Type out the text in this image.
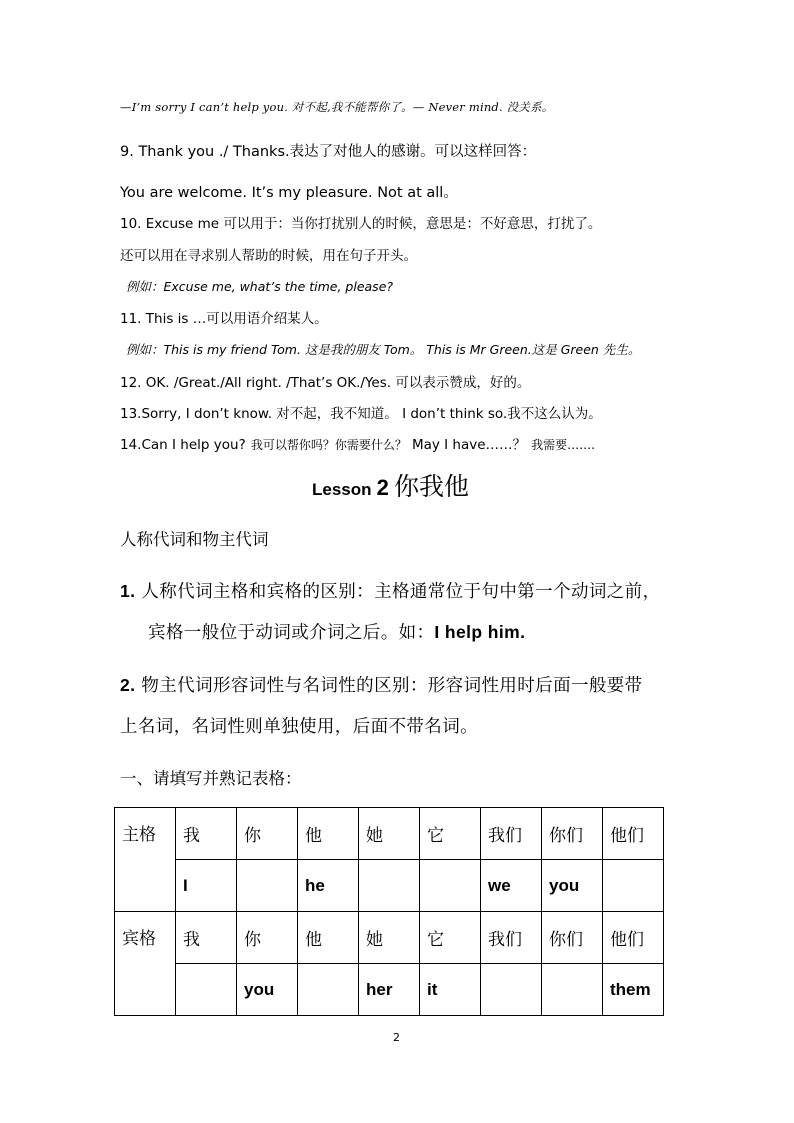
—I’m sorry I can’t help you. 对不起,我不能帮你了。— Never mind. 没关系。
9. Thank you ./ Thanks.表达了对他人的感谢。可以这样回答：
You are welcome. It’s my pleasure. Not at all。
10. Excuse me 可以用于：当你打扰别人的时候，意思是：不好意思，打扰了。
还可以用在寻求别人帮助的时候，用在句子开头。
例如：Excuse me, what’s the time, please?
11. This is …可以用语介绍某人。
例如：This is my friend Tom. 这是我的朋友 Tom。 This is Mr Green.这是 Green 先生。
12. OK. /Great./All right. /That’s OK./Yes. 可以表示赞成，好的。
13.Sorry, I don’t know. 对不起，我不知道。 I don’t think so.我不这么认为。
14.Can I help you? 我可以帮你吗？你需要什么？ May I have……？ 我需要…….
Lesson 2 你我他
人称代词和物主代词
1. 人称代词主格和宾格的区别：主格通常位于句中第一个动词之前，
宾格一般位于动词或介词之后。如：I help him.
2. 物主代词形容词性与名词性的区别：形容词性用时后面一般要带
上名词，名词性则单独使用，后面不带名词。
一、请填写并熟记表格：
主格	我	你	他	她	它	我们	你们	他们
	I		he			we	you	
宾格	我	你	他	她	它	我们	你们	他们
		you		her	it			them
2
